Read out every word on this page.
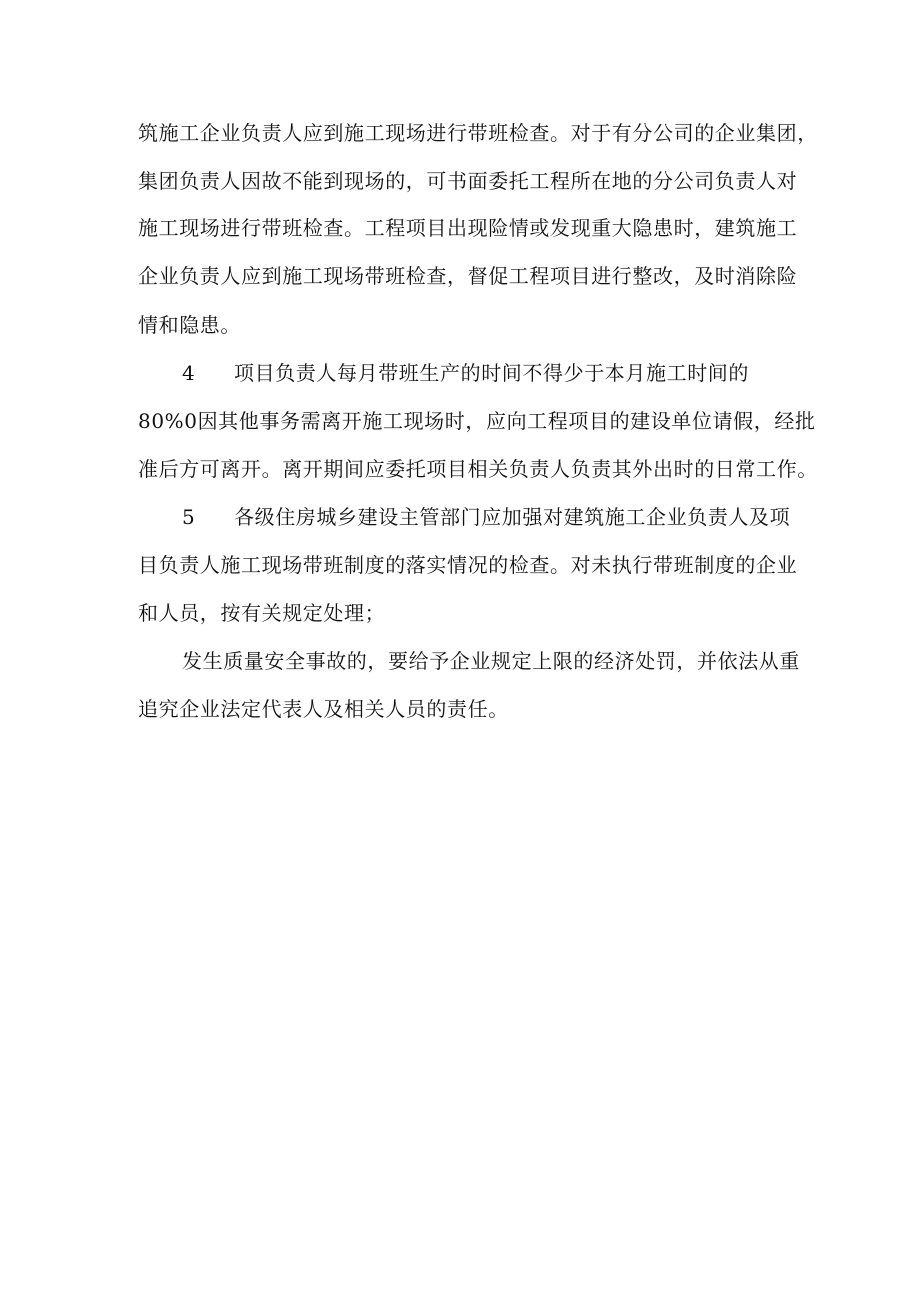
筑施工企业负责人应到施工现场进行带班检查。对于有分公司的企业集团，
集团负责人因故不能到现场的，可书面委托工程所在地的分公司负责人对
施工现场进行带班检查。工程项目出现险情或发现重大隐患时，建筑施工
企业负责人应到施工现场带班检查，督促工程项目进行整改，及时消除险
情和隐患。
4 项目负责人每月带班生产的时间不得少于本月施工时间的
80%0因其他事务需离开施工现场时，应向工程项目的建设单位请假，经批
准后方可离开。离开期间应委托项目相关负责人负责其外出时的日常工作。
5 各级住房城乡建设主管部门应加强对建筑施工企业负责人及项
目负责人施工现场带班制度的落实情况的检查。对未执行带班制度的企业
和人员，按有关规定处理；
发生质量安全事故的，要给予企业规定上限的经济处罚，并依法从重
追究企业法定代表人及相关人员的责任。
